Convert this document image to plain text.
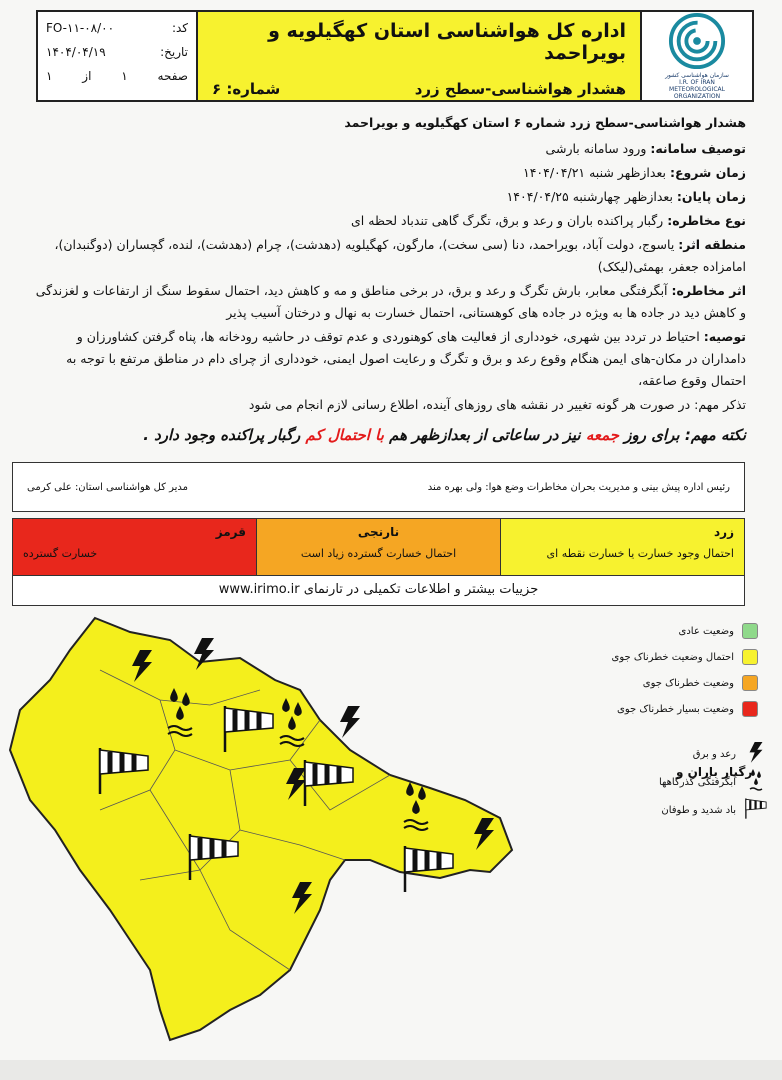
کد:
FO-۱۱-۰۸/۰۰
تاریخ:
۱۴۰۴/۰۴/۱۹
صفحه
۱
از
۱
اداره کل هواشناسی استان کهگیلویه و بویراحمد
هشدار هواشناسی-سطح زرد
شماره: ۶
سازمان هواشناسی کشور
I.R. OF IRAN
METEOROLOGICAL
ORGANIZATION
هشدار هواشناسی-سطح زرد شماره ۶ استان کهگیلویه و بویراحمد
توصیف سامانه: ورود سامانه بارشی
زمان شروع: بعدازظهر شنبه ۱۴۰۴/۰۴/۲۱
زمان پایان: بعدازظهر چهارشنبه ۱۴۰۴/۰۴/۲۵
نوع مخاطره: رگبار پراکنده باران و رعد و برق، تگرگ گاهی تندباد لحظه ای
منطقه اثر: یاسوج، دولت آباد، بویراحمد، دنا (سی سخت)، مارگون، کهگیلویه (دهدشت)، چرام (دهدشت)، لنده، گچساران (دوگنبدان)، امامزاده جعفر، بهمئی(لیکک)
اثر مخاطره: آبگرفتگی معابر، بارش تگرگ و رعد و برق، در برخی مناطق و مه و کاهش دید، احتمال سقوط سنگ از ارتفاعات و لغزندگی و کاهش دید در جاده ها به ویژه در جاده های کوهستانی، احتمال خسارت به نهال و درختان آسیب پذیر
توصیه: احتیاط در تردد بین شهری، خودداری از فعالیت های کوهنوردی و عدم توقف در حاشیه رودخانه ها، پناه گرفتن کشاورزان و دامداران در مکان-های ایمن هنگام وقوع رعد و برق و تگرگ و رعایت اصول ایمنی، خودداری از چرای دام در مناطق مرتفع با توجه به احتمال وقوع صاعقه،
تذکر مهم: در صورت هر گونه تغییر در نقشه های روزهای آینده، اطلاع رسانی لازم انجام می شود
نکته مهم: برای روز جمعه نیز در ساعاتی از بعدازظهر هم با احتمال کم رگبار پراکنده وجود دارد .
رئیس اداره پیش بینی و مدیریت بحران مخاطرات وضع هوا: ولی بهره مند
مدیر کل هواشناسی استان: علی کرمی
زرد
احتمال وجود خسارت یا خسارت نقطه ای
نارنجی
احتمال خسارت گسترده زیاد است
قرمز
خسارت گسترده
www.irimo.ir جزییات بیشتر و اطلاعات تکمیلی در تارنمای
وضعیت عادی
احتمال وضعیت خطرناک جوی
وضعیت خطرناک جوی
وضعیت بسیار خطرناک جوی
رعد و برق
آبگرفتگی گذرگاهها
باد شدید و طوفان
رگبار باران و
